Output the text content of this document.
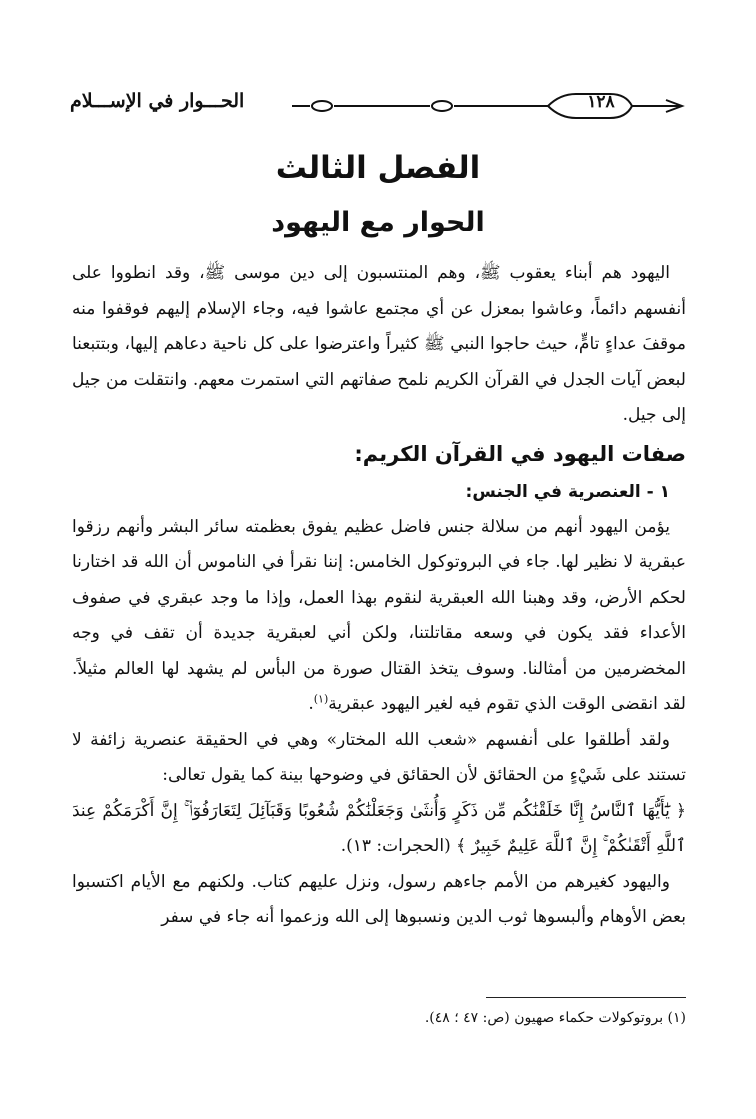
الحـــوار في الإســـلام	١٢٨
الفصل الثالث
الحوار مع اليهود

اليهود هم أبناء يعقوب ﷺ، وهم المنتسبون إلى دين موسى ﷺ، وقد انطووا على أنفسهم دائماً، وعاشوا بمعزل عن أي مجتمع عاشوا فيه، وجاء الإسلام إليهم فوقفوا منه موقفَ عداءٍ تامٍّ، حيث حاجوا النبي ﷺ كثيراً واعترضوا على كل ناحية دعاهم إليها، وبتتبعنا لبعض آيات الجدل في القرآن الكريم نلمح صفاتهم التي استمرت معهم. وانتقلت من جيل إلى جيل.

صفات اليهود في القرآن الكريم:
١ - العنصرية في الجنس:

يؤمن اليهود أنهم من سلالة جنس فاضل عظيم يفوق بعظمته سائر البشر وأنهم رزقوا عبقرية لا نظير لها. جاء في البروتوكول الخامس: إننا نقرأ في الناموس أن الله قد اختارنا لحكم الأرض، وقد وهبنا الله العبقرية لنقوم بهذا العمل، وإذا ما وجد عبقري في صفوف الأعداء فقد يكون في وسعه مقاتلتنا، ولكن أني لعبقرية جديدة أن تقف في وجه المخضرمين من أمثالنا. وسوف يتخذ القتال صورة من البأس لم يشهد لها العالم مثيلاً. لقد انقضى الوقت الذي تقوم فيه لغير اليهود عبقرية$^{(١)}$.

ولقد أطلقوا على أنفسهم «شعب الله المختار» وهي في الحقيقة عنصرية زائفة لا تستند على شَيْءٍ من الحقائق لأن الحقائق في وضوحها بينة كما يقول تعالى:

﴿ يَٰٓأَيُّهَا ٱلنَّاسُ إِنَّا خَلَقْنَٰكُم مِّن ذَكَرٍ وَأُنثَىٰ وَجَعَلْنَٰكُمْ شُعُوبًا وَقَبَآئِلَ لِتَعَارَفُوٓا۟ ۚ إِنَّ أَكْرَمَكُمْ عِندَ ٱللَّهِ أَتْقَىٰكُمْ ۚ إِنَّ ٱللَّهَ عَلِيمٌ خَبِيرٌ ﴾ (الحجرات: ١٣).

واليهود كغيرهم من الأمم جاءهم رسول، ونزل عليهم كتاب. ولكنهم مع الأيام اكتسبوا بعض الأوهام وألبسوها ثوب الدين ونسبوها إلى الله وزعموا أنه جاء في سفر

(١) بروتوكولات حكماء صهيون (ص: ٤٧ ؛ ٤٨).
